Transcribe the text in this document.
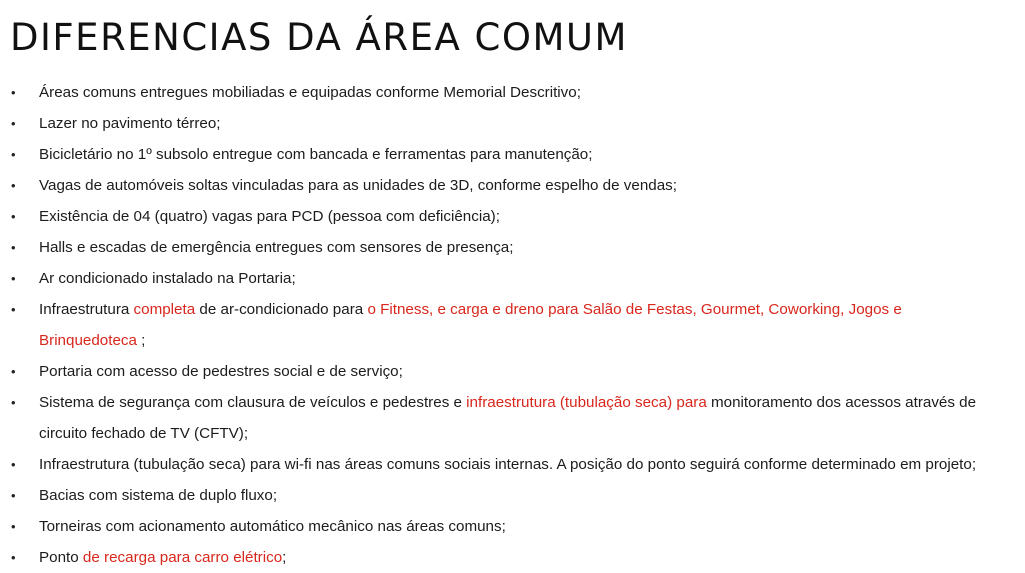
DIFERENCIAS DA ÁREA COMUM
• Áreas comuns entregues mobiliadas e equipadas conforme Memorial Descritivo;
• Lazer no pavimento térreo;
• Bicicletário no 1º subsolo entregue com bancada e ferramentas para manutenção;
• Vagas de automóveis soltas vinculadas para as unidades de 3D, conforme espelho de vendas;
• Existência de 04 (quatro) vagas para PCD (pessoa com deficiência);
• Halls e escadas de emergência entregues com sensores de presença;
• Ar condicionado instalado na Portaria;
• Infraestrutura completa de ar-condicionado para o Fitness, e carga e dreno para Salão de Festas, Gourmet, Coworking, Jogos e
Brinquedoteca ;
• Portaria com acesso de pedestres social e de serviço;
• Sistema de segurança com clausura de veículos e pedestres e infraestrutura (tubulação seca) para monitoramento dos acessos através de
circuito fechado de TV (CFTV);
• Infraestrutura (tubulação seca) para wi-fi nas áreas comuns sociais internas. A posição do ponto seguirá conforme determinado em projeto;
• Bacias com sistema de duplo fluxo;
• Torneiras com acionamento automático mecânico nas áreas comuns;
• Ponto de recarga para carro elétrico;
